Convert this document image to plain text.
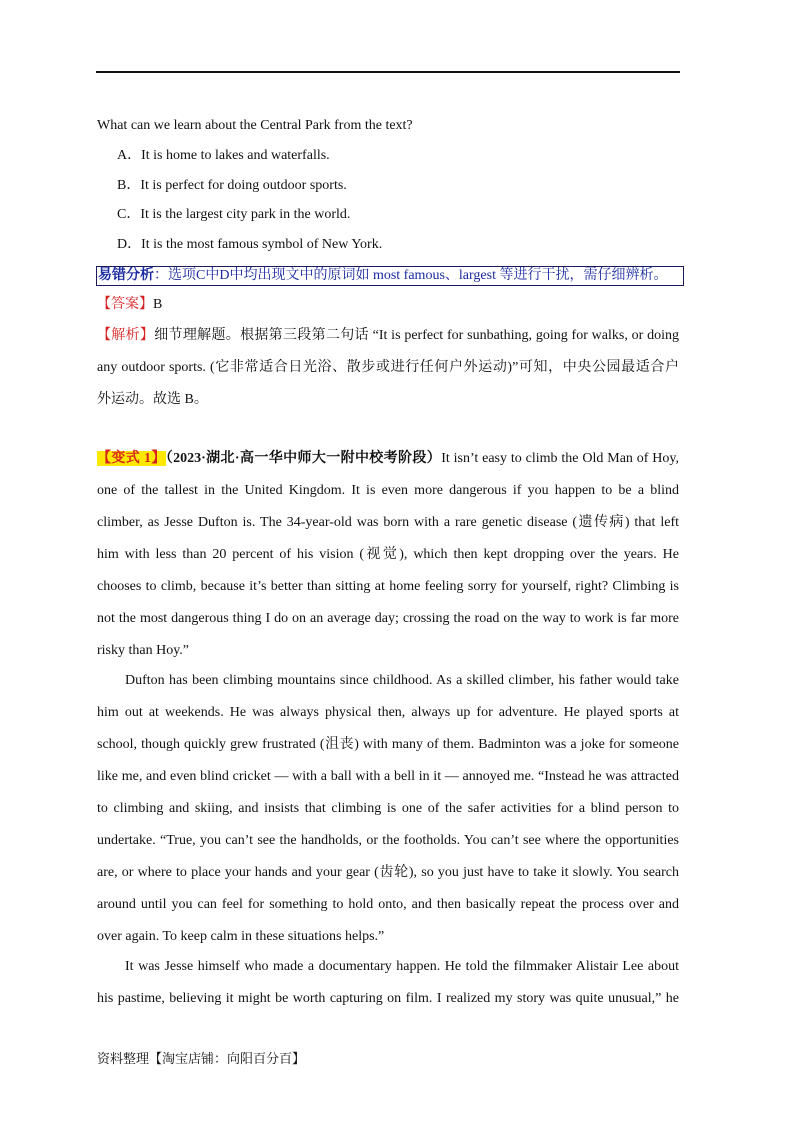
What can we learn about the Central Park from the text?
A．It is home to lakes and waterfalls.
B．It is perfect for doing outdoor sports.
C．It is the largest city park in the world.
D．It is the most famous symbol of New York.
易错分析：选项C中D中均出现文中的原词如 most famous、largest 等进行干扰，需仔细辨析。
【答案】B
【解析】细节理解题。根据第三段第二句话 “It is perfect for sunbathing, going for walks, or doing
any outdoor sports. (它非常适合日光浴、散步或进行任何户外运动)”可知，中央公园最适合户
外运动。故选 B。
【变式 1】（2023·湖北·高一华中师大一附中校考阶段）It isn’t easy to climb the Old Man of Hoy,
one of the tallest in the United Kingdom. It is even more dangerous if you happen to be a blind
climber, as Jesse Dufton is. The 34-year-old was born with a rare genetic disease (遗传病) that left
him with less than 20 percent of his vision (视觉), which then kept dropping over the years. He
chooses to climb, because it’s better than sitting at home feeling sorry for yourself, right? Climbing is
not the most dangerous thing I do on an average day; crossing the road on the way to work is far more
risky than Hoy.”
Dufton has been climbing mountains since childhood. As a skilled climber, his father would take
him out at weekends. He was always physical then, always up for adventure. He played sports at
school, though quickly grew frustrated (沮丧) with many of them. Badminton was a joke for someone
like me, and even blind cricket — with a ball with a bell in it — annoyed me. “Instead he was attracted
to climbing and skiing, and insists that climbing is one of the safer activities for a blind person to
undertake. “True, you can’t see the handholds, or the footholds. You can’t see where the opportunities
are, or where to place your hands and your gear (齿轮), so you just have to take it slowly. You search
around until you can feel for something to hold onto, and then basically repeat the process over and
over again. To keep calm in these situations helps.”
It was Jesse himself who made a documentary happen. He told the filmmaker Alistair Lee about
his pastime, believing it might be worth capturing on film. I realized my story was quite unusual,” he
资料整理【淘宝店铺：向阳百分百】
